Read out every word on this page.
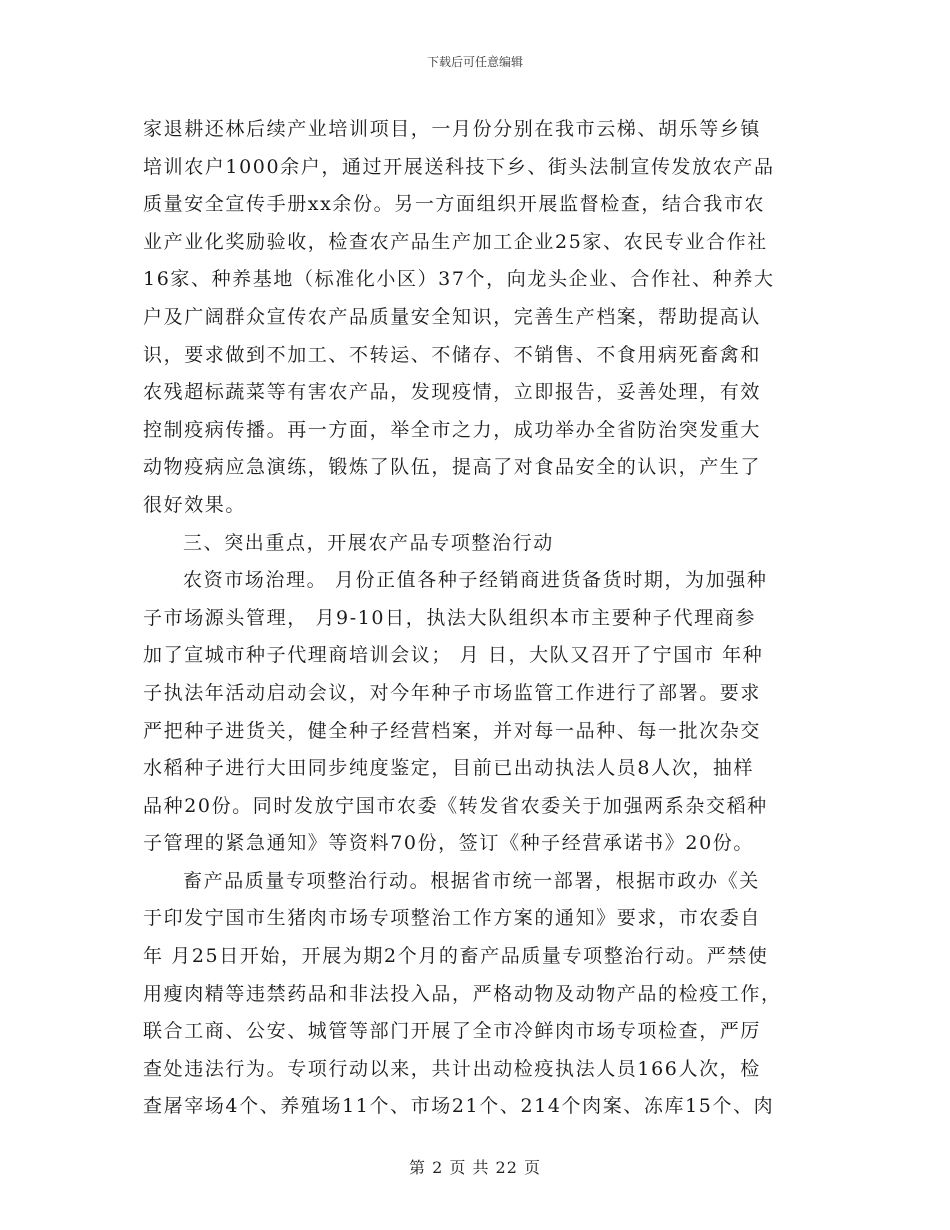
下载后可任意编辑
家退耕还林后续产业培训项目，一月份分别在我市云梯、胡乐等乡镇
培训农户1000余户，通过开展送科技下乡、街头法制宣传发放农产品
质量安全宣传手册xx余份。另一方面组织开展监督检查，结合我市农
业产业化奖励验收，检查农产品生产加工企业25家、农民专业合作社
16家、种养基地（标准化小区）37个，向龙头企业、合作社、种养大
户及广阔群众宣传农产品质量安全知识，完善生产档案，帮助提高认
识，要求做到不加工、不转运、不储存、不销售、不食用病死畜禽和
农残超标蔬菜等有害农产品，发现疫情，立即报告，妥善处理，有效
控制疫病传播。再一方面，举全市之力，成功举办全省防治突发重大
动物疫病应急演练，锻炼了队伍，提高了对食品安全的认识，产生了
很好效果。
三、突出重点，开展农产品专项整治行动
农资市场治理。 月份正值各种子经销商进货备货时期，为加强种
子市场源头管理， 月9-10日，执法大队组织本市主要种子代理商参
加了宣城市种子代理商培训会议； 月 日，大队又召开了宁国市 年种
子执法年活动启动会议，对今年种子市场监管工作进行了部署。要求
严把种子进货关，健全种子经营档案，并对每一品种、每一批次杂交
水稻种子进行大田同步纯度鉴定，目前已出动执法人员8人次，抽样
品种20份。同时发放宁国市农委《转发省农委关于加强两系杂交稻种
子管理的紧急通知》等资料70份，签订《种子经营承诺书》20份。
畜产品质量专项整治行动。根据省市统一部署，根据市政办《关
于印发宁国市生猪肉市场专项整治工作方案的通知》要求，市农委自
年 月25日开始，开展为期2个月的畜产品质量专项整治行动。严禁使
用瘦肉精等违禁药品和非法投入品，严格动物及动物产品的检疫工作，
联合工商、公安、城管等部门开展了全市冷鲜肉市场专项检查，严厉
查处违法行为。专项行动以来，共计出动检疫执法人员166人次，检
查屠宰场4个、养殖场11个、市场21个、214个肉案、冻库15个、肉
第 2 页 共 22 页
